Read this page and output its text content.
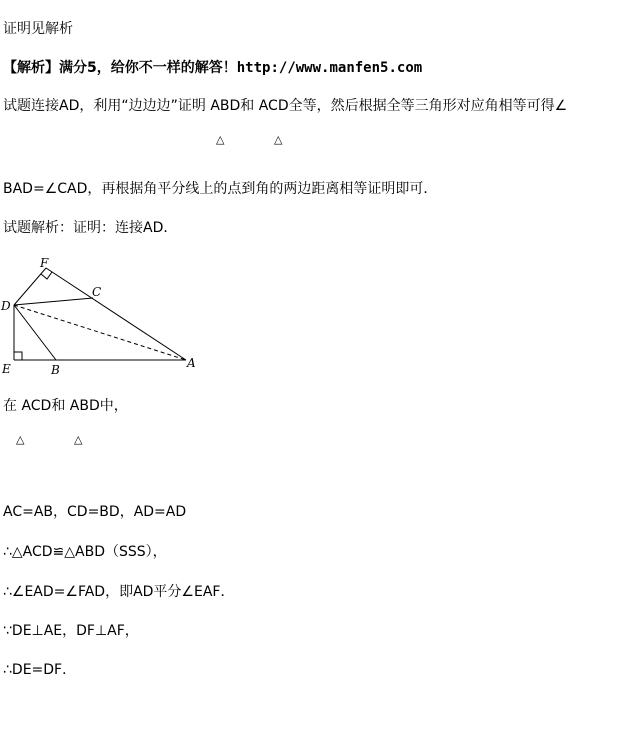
证明见解析
【解析】满分5，给你不一样的解答！http://www.manfen5.com
试题连接AD，利用“边边边”证明 ABD和 ACD全等，然后根据全等三角形对应角相等可得∠
△	△
BAD=∠CAD，再根据角平分线上的点到角的两边距离相等证明即可．
试题解析：证明：连接AD．
F
C
D
E	B	A
在 ACD和 ABD中，
△	△
AC=AB，CD=BD，AD=AD
∴△ACD≌△ABD（SSS），
∴∠EAD=∠FAD，即AD平分∠EAF．
∵DE⊥AE，DF⊥AF，
∴DE=DF．
